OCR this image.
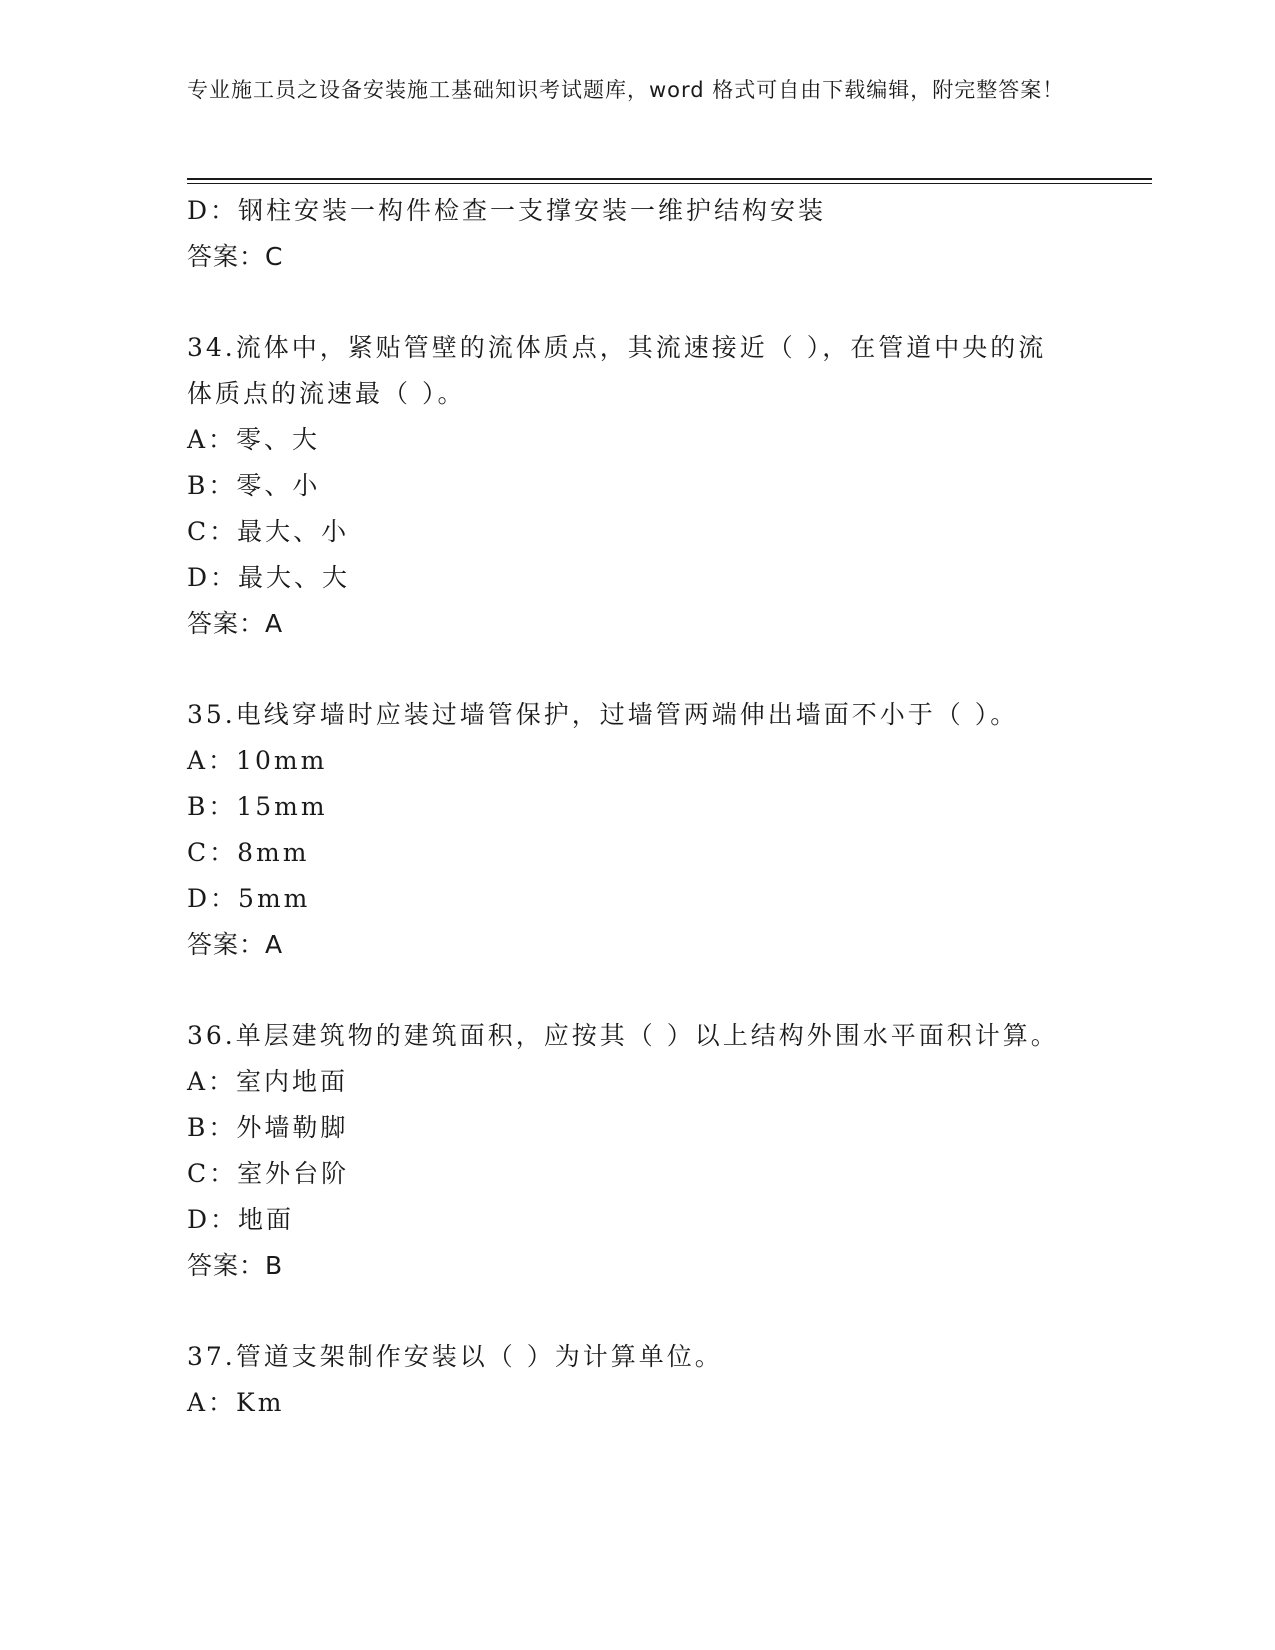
专业施工员之设备安装施工基础知识考试题库，word 格式可自由下载编辑，附完整答案！
D：钢柱安装一构件检查一支撑安装一维护结构安装
答案：C
34.流体中，紧贴管壁的流体质点，其流速接近（ ），在管道中央的流体质点的流速最（ ）。
A：零、大
B：零、小
C：最大、小
D：最大、大
答案：A
35.电线穿墙时应装过墙管保护，过墙管两端伸出墙面不小于（ ）。
A：10mm
B：15mm
C：8mm
D：5mm
答案：A
36.单层建筑物的建筑面积，应按其（ ）以上结构外围水平面积计算。
A：室内地面
B：外墙勒脚
C：室外台阶
D：地面
答案：B
37.管道支架制作安装以（ ）为计算单位。
A：Km
